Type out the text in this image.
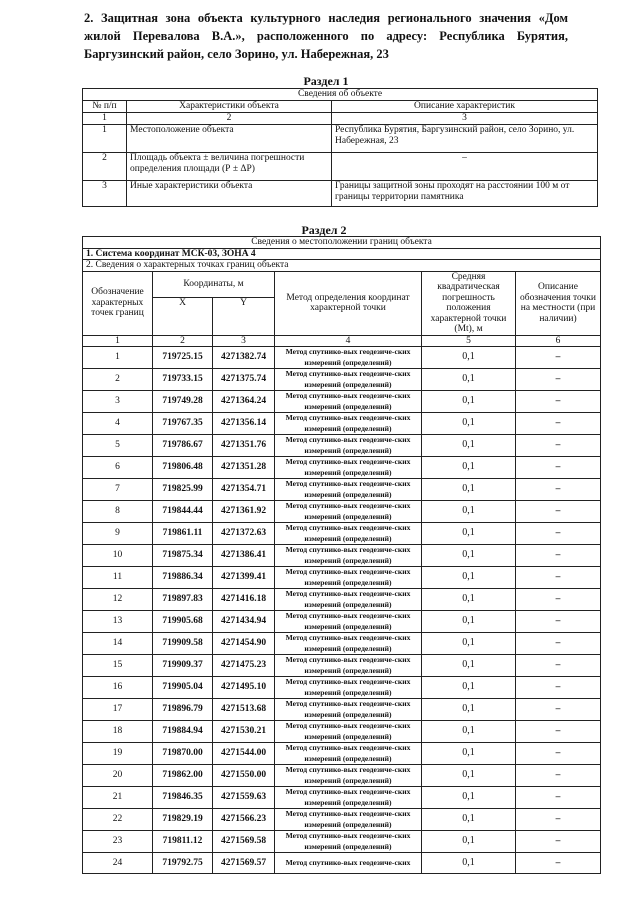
2. Защитная зона объекта культурного наследия регионального значения «Дом жилой Перевалова В.А.», расположенного по адресу: Республика Бурятия, Баргузинский район, село Зорино, ул. Набережная, 23
Раздел 1
Сведения об объекте		
№ п/п	Характеристики объекта	Описание характеристик
1	2	3
1	Местоположение объекта	Республика Бурятия, Баргузинский район, село Зорино, ул. Набережная, 23
2	Площадь объекта ± величина погрешности определения площади (Р ± ΔР)	–
3	Иные характеристики объекта	Границы защитной зоны проходят на расстоянии 100 м от границы территории памятника
Раздел 2
Сведения о местоположении границ объекта					
1. Система координат МСК-03, ЗОНА 4					
2. Сведения о характерных точках границ объекта					
Обозначение характерных точек границ	Координаты, м		Метод определения координат характерной точки	Средняя квадратическая погрешность положения характерной точки (Mt), м	Описание обозначения точки на местности (при наличии)
	X	Y			
1	2	3	4	5	6
1	719725.15	4271382.74	Метод спутнико-вых геодезиче-ских измерений (определений)	0,1	–
2	719733.15	4271375.74	Метод спутнико-вых геодезиче-ских измерений (определений)	0,1	–
3	719749.28	4271364.24	Метод спутнико-вых геодезиче-ских измерений (определений)	0,1	–
4	719767.35	4271356.14	Метод спутнико-вых геодезиче-ских измерений (определений)	0,1	–
5	719786.67	4271351.76	Метод спутнико-вых геодезиче-ских измерений (определений)	0,1	–
6	719806.48	4271351.28	Метод спутнико-вых геодезиче-ских измерений (определений)	0,1	–
7	719825.99	4271354.71	Метод спутнико-вых геодезиче-ских измерений (определений)	0,1	–
8	719844.44	4271361.92	Метод спутнико-вых геодезиче-ских измерений (определений)	0,1	–
9	719861.11	4271372.63	Метод спутнико-вых геодезиче-ских измерений (определений)	0,1	–
10	719875.34	4271386.41	Метод спутнико-вых геодезиче-ских измерений (определений)	0,1	–
11	719886.34	4271399.41	Метод спутнико-вых геодезиче-ских измерений (определений)	0,1	–
12	719897.83	4271416.18	Метод спутнико-вых геодезиче-ских измерений (определений)	0,1	–
13	719905.68	4271434.94	Метод спутнико-вых геодезиче-ских измерений (определений)	0,1	–
14	719909.58	4271454.90	Метод спутнико-вых геодезиче-ских измерений (определений)	0,1	–
15	719909.37	4271475.23	Метод спутнико-вых геодезиче-ских измерений (определений)	0,1	–
16	719905.04	4271495.10	Метод спутнико-вых геодезиче-ских измерений (определений)	0,1	–
17	719896.79	4271513.68	Метод спутнико-вых геодезиче-ских измерений (определений)	0,1	–
18	719884.94	4271530.21	Метод спутнико-вых геодезиче-ских измерений (определений)	0,1	–
19	719870.00	4271544.00	Метод спутнико-вых геодезиче-ских измерений (определений)	0,1	–
20	719862.00	4271550.00	Метод спутнико-вых геодезиче-ских измерений (определений)	0,1	–
21	719846.35	4271559.63	Метод спутнико-вых геодезиче-ских измерений (определений)	0,1	–
22	719829.19	4271566.23	Метод спутнико-вых геодезиче-ских измерений (определений)	0,1	–
23	719811.12	4271569.58	Метод спутнико-вых геодезиче-ских измерений (определений)	0,1	–
24	719792.75	4271569.57	Метод спутнико-вых геодезиче-ских	0,1	–
